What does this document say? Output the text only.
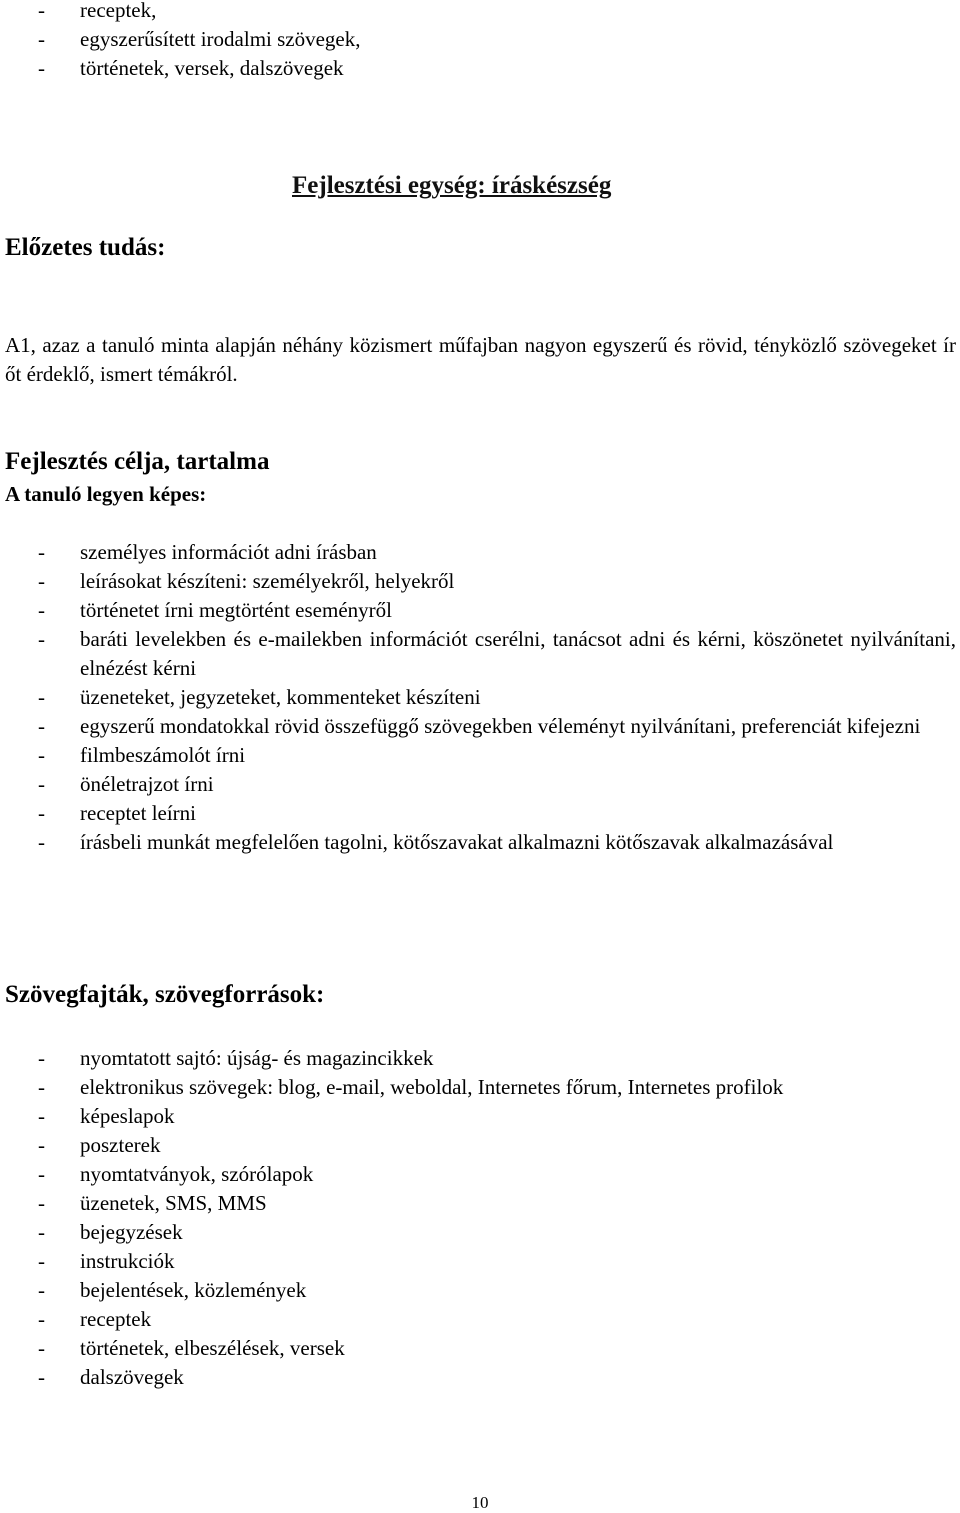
- receptek,
- egyszerűsített irodalmi szövegek,
- történetek, versek, dalszövegek
Fejlesztési egység: íráskészség
Előzetes tudás:
A1, azaz a tanuló minta alapján néhány közismert műfajban nagyon egyszerű és rövid, tényközlő szövegeket ír őt érdeklő, ismert témákról.
Fejlesztés célja, tartalma
A tanuló legyen képes:
- személyes információt adni írásban
- leírásokat készíteni: személyekről, helyekről
- történetet írni megtörtént eseményről
- baráti levelekben és e-mailekben információt cserélni, tanácsot adni és kérni, köszönetet nyilvánítani, elnézést kérni
- üzeneteket, jegyzeteket, kommenteket készíteni
- egyszerű mondatokkal rövid összefüggő szövegekben véleményt nyilvánítani, preferenciát kifejezni
- filmbeszámolót írni
- önéletrajzot írni
- receptet leírni
- írásbeli munkát megfelelően tagolni, kötőszavakat alkalmazni kötőszavak alkalmazásával
Szövegfajták, szövegforrások:
- nyomtatott sajtó: újság- és magazincikkek
- elektronikus szövegek: blog, e-mail, weboldal, Internetes főrum, Internetes profilok
- képeslapok
- poszterek
- nyomtatványok, szórólapok
- üzenetek, SMS, MMS
- bejegyzések
- instrukciók
- bejelentések, közlemények
- receptek
- történetek, elbeszélések, versek
- dalszövegek
10
